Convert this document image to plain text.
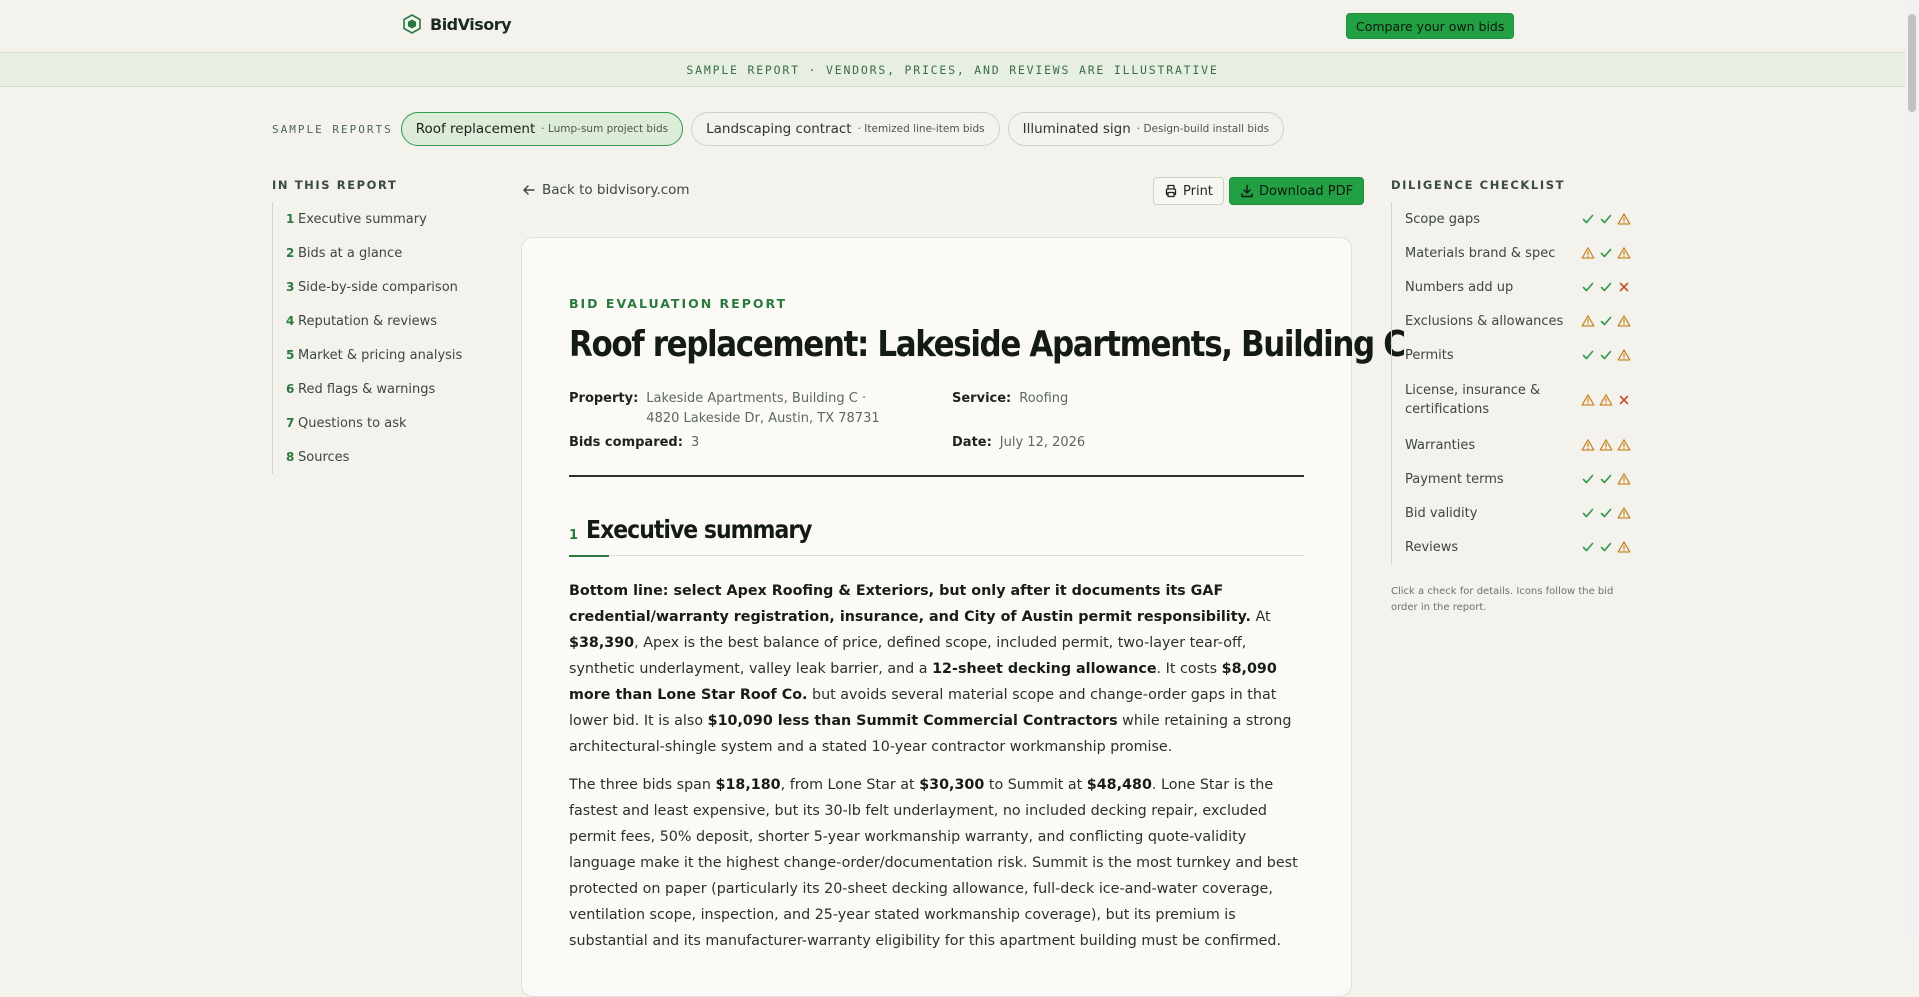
BidVisory	Compare your own bids
SAMPLE REPORT · VENDORS, PRICES, AND REVIEWS ARE ILLUSTRATIVE
SAMPLE REPORTS Roof replacement	· Lump-sum project bids	Landscaping contract	· Itemized line-item bids	Illuminated sign	· Design-build install bids
IN THIS REPORT
1 Executive summary
2 Bids at a glance
3 Side-by-side comparison
4 Reputation & reviews
5 Market & pricing analysis
6 Red flags & warnings
7 Questions to ask
8 Sources
Back to bidvisory.com	Print	Download PDF
BID EVALUATION REPORT
Roof replacement: Lakeside Apartments, Building C
Property: Lakeside Apartments, Building C · 4820 Lakeside Dr, Austin, TX 78731
Service: Roofing
Bids compared: 3	Date: July 12, 2026
1 Executive summary

Bottom line: select Apex Roofing & Exteriors, but only after it documents its GAF credential/warranty registration, insurance, and City of Austin permit responsibility. At $38,390, Apex is the best balance of price, defined scope, included permit, two-layer tear-off, synthetic underlayment, valley leak barrier, and a 12-sheet decking allowance. It costs $8,090 more than Lone Star Roof Co. but avoids several material scope and change-order gaps in that lower bid. It is also $10,090 less than Summit Commercial Contractors while retaining a strong architectural-shingle system and a stated 10-year contractor workmanship promise.

The three bids span $18,180, from Lone Star at $30,300 to Summit at $48,480. Lone Star is the fastest and least expensive, but its 30-lb felt underlayment, no included decking repair, excluded permit fees, 50% deposit, shorter 5-year workmanship warranty, and conflicting quote-validity language make it the highest change-order/documentation risk. Summit is the most turnkey and best protected on paper (particularly its 20-sheet decking allowance, full-deck ice-and-water coverage, ventilation scope, inspection, and 25-year stated workmanship coverage), but its premium is substantial and its manufacturer-warranty eligibility for this apartment building must be confirmed.

DILIGENCE CHECKLIST
Scope gaps
Materials brand & spec
Numbers add up
Exclusions & allowances
Permits
License, insurance & certifications
Warranties
Payment terms
Bid validity
Reviews
Click a check for details. Icons follow the bid order in the report.
